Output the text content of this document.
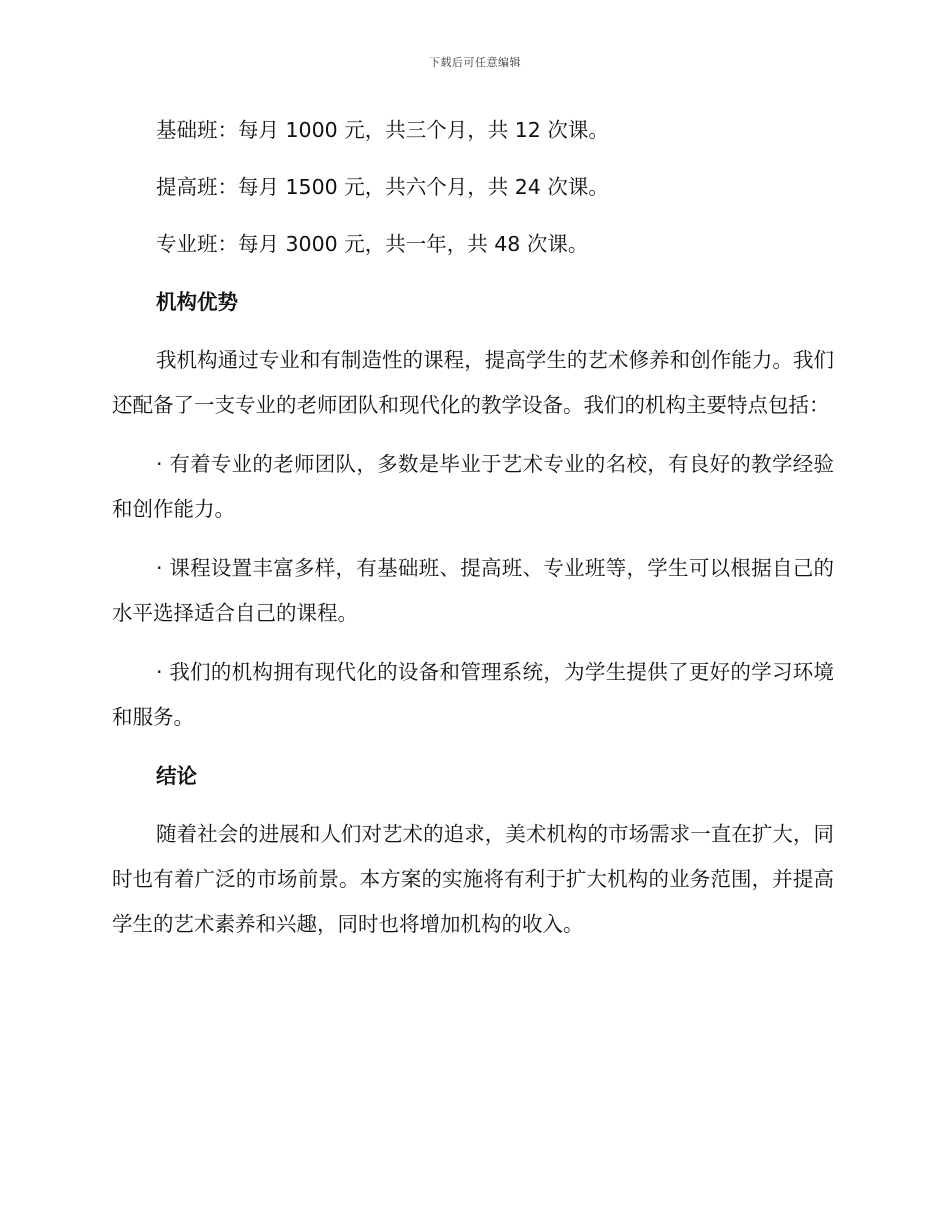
下载后可任意编辑

基础班：每月 1000 元，共三个月，共 12 次课。

提高班：每月 1500 元，共六个月，共 24 次课。

专业班：每月 3000 元，共一年，共 48 次课。

机构优势

我机构通过专业和有制造性的课程，提高学生的艺术修养和创作能力。我们还配备了一支专业的老师团队和现代化的教学设备。我们的机构主要特点包括：

· 有着专业的老师团队，多数是毕业于艺术专业的名校，有良好的教学经验和创作能力。

· 课程设置丰富多样，有基础班、提高班、专业班等，学生可以根据自己的水平选择适合自己的课程。

· 我们的机构拥有现代化的设备和管理系统，为学生提供了更好的学习环境和服务。

结论

随着社会的进展和人们对艺术的追求，美术机构的市场需求一直在扩大，同时也有着广泛的市场前景。本方案的实施将有利于扩大机构的业务范围，并提高学生的艺术素养和兴趣，同时也将增加机构的收入。
